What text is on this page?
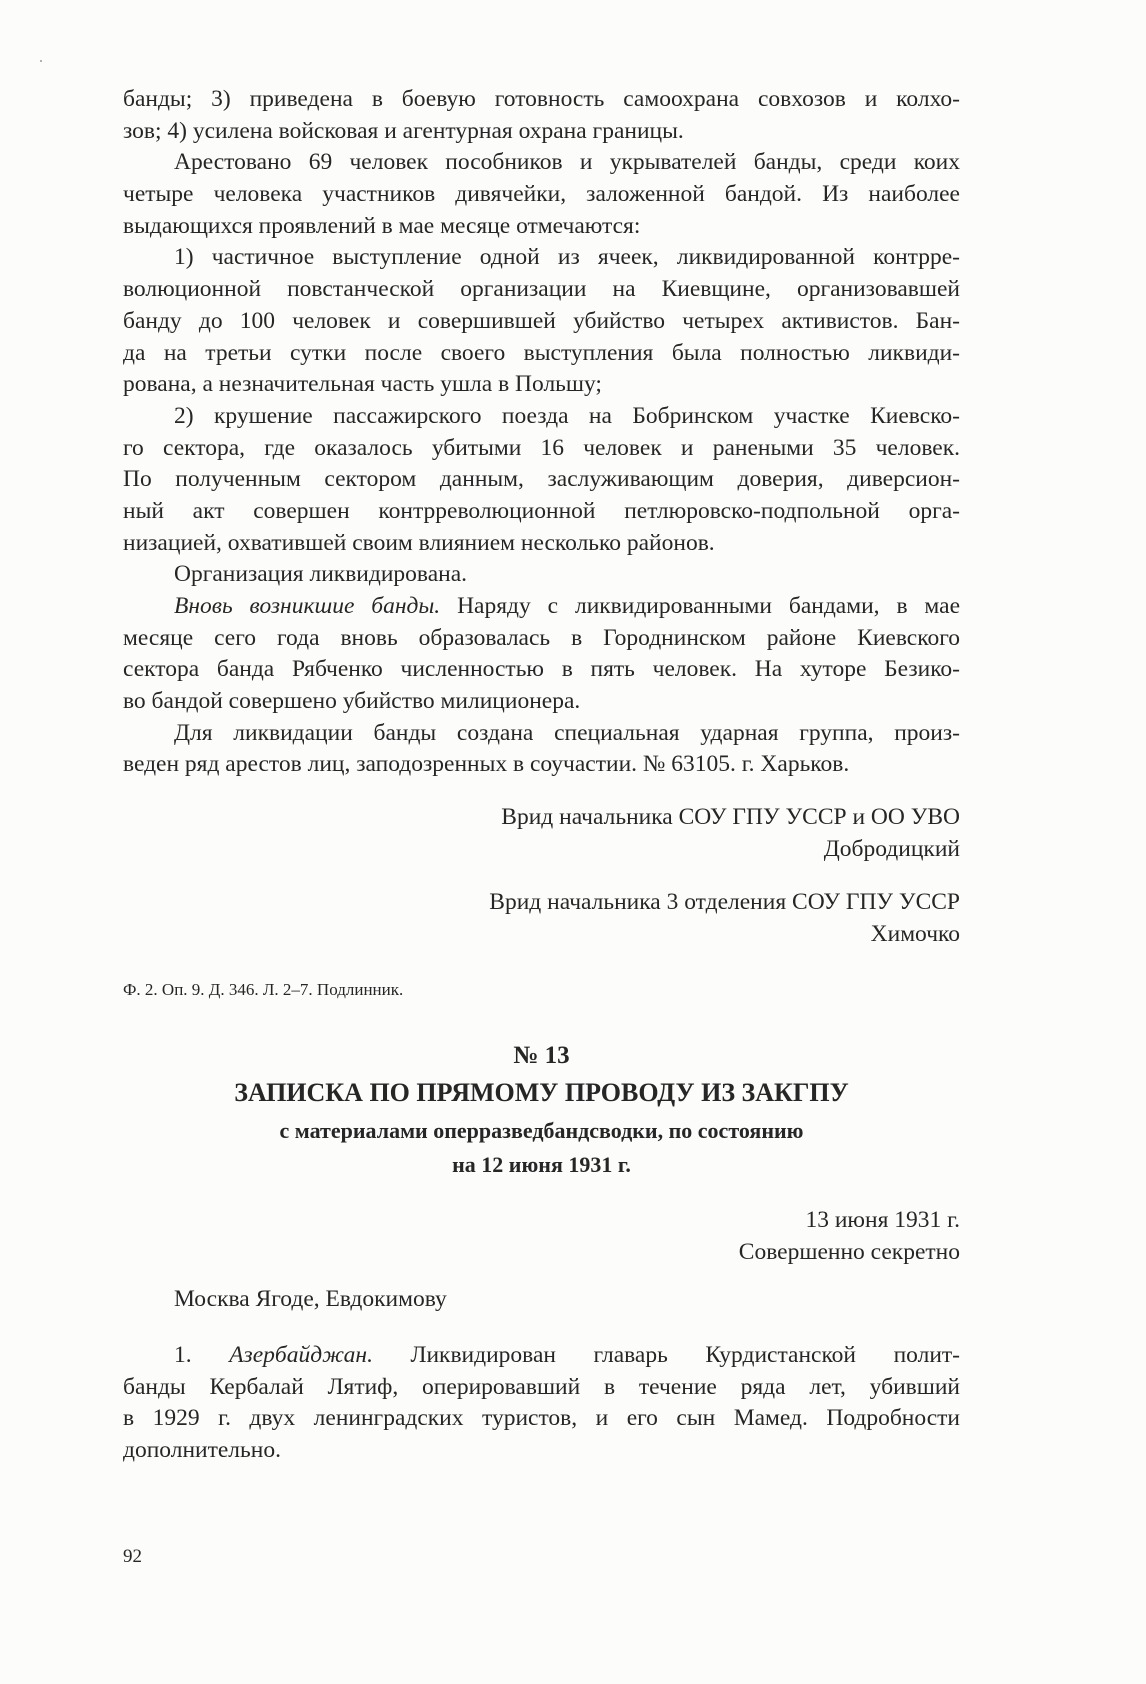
банды; 3) приведена в боевую готовность самоохрана совхозов и колхо-
зов; 4) усилена войсковая и агентурная охрана границы.
Арестовано 69 человек пособников и укрывателей банды, среди коих
четыре человека участников дивячейки, заложенной бандой. Из наиболее
выдающихся проявлений в мае месяце отмечаются:
1) частичное выступление одной из ячеек, ликвидированной контрре-
волюционной повстанческой организации на Киевщине, организовавшей
банду до 100 человек и совершившей убийство четырех активистов. Бан-
да на третьи сутки после своего выступления была полностью ликвиди-
рована, а незначительная часть ушла в Польшу;
2) крушение пассажирского поезда на Бобринском участке Киевско-
го сектора, где оказалось убитыми 16 человек и ранеными 35 человек.
По полученным сектором данным, заслуживающим доверия, диверсион-
ный акт совершен контрреволюционной петлюровско-подпольной орга-
низацией, охватившей своим влиянием несколько районов.
Организация ликвидирована.
Вновь возникшие банды. Наряду с ликвидированными бандами, в мае
месяце сего года вновь образовалась в Городнинском районе Киевского
сектора банда Рябченко численностью в пять человек. На хуторе Безико-
во бандой совершено убийство милиционера.
Для ликвидации банды создана специальная ударная группа, произ-
веден ряд арестов лиц, заподозренных в соучастии. № 63105. г. Харьков.
Врид начальника СОУ ГПУ УССР и ОО УВО
Добродицкий
Врид начальника 3 отделения СОУ ГПУ УССР
Химочко
Ф. 2. Оп. 9. Д. 346. Л. 2–7. Подлинник.
№ 13
ЗАПИСКА ПО ПРЯМОМУ ПРОВОДУ ИЗ ЗАКГПУ
с материалами оперразведбандсводки, по состоянию
на 12 июня 1931 г.
13 июня 1931 г.
Совершенно секретно
Москва Ягоде, Евдокимову
1. Азербайджан. Ликвидирован главарь Курдистанской полит-
банды Кербалай Лятиф, оперировавший в течение ряда лет, убивший
в 1929 г. двух ленинградских туристов, и его сын Мамед. Подробности
дополнительно.
92
